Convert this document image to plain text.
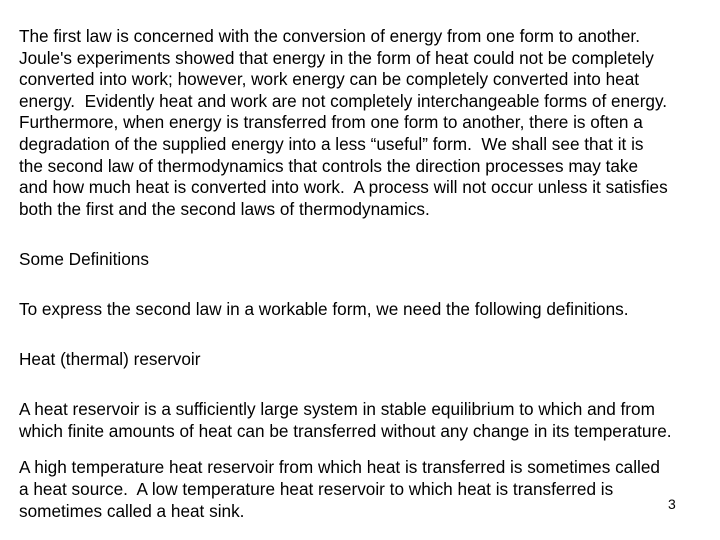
The first law is concerned with the conversion of energy from one form to another.
Joule's experiments showed that energy in the form of heat could not be completely
converted into work; however, work energy can be completely converted into heat
energy.  Evidently heat and work are not completely interchangeable forms of energy.
Furthermore, when energy is transferred from one form to another, there is often a
degradation of the supplied energy into a less “useful” form.  We shall see that it is
the second law of thermodynamics that controls the direction processes may take
and how much heat is converted into work.  A process will not occur unless it satisfies
both the first and the second laws of thermodynamics.
Some Definitions
To express the second law in a workable form, we need the following definitions.
Heat (thermal) reservoir
A heat reservoir is a sufficiently large system in stable equilibrium to which and from
which finite amounts of heat can be transferred without any change in its temperature.
A high temperature heat reservoir from which heat is transferred is sometimes called
a heat source.  A low temperature heat reservoir to which heat is transferred is
sometimes called a heat sink.	3
